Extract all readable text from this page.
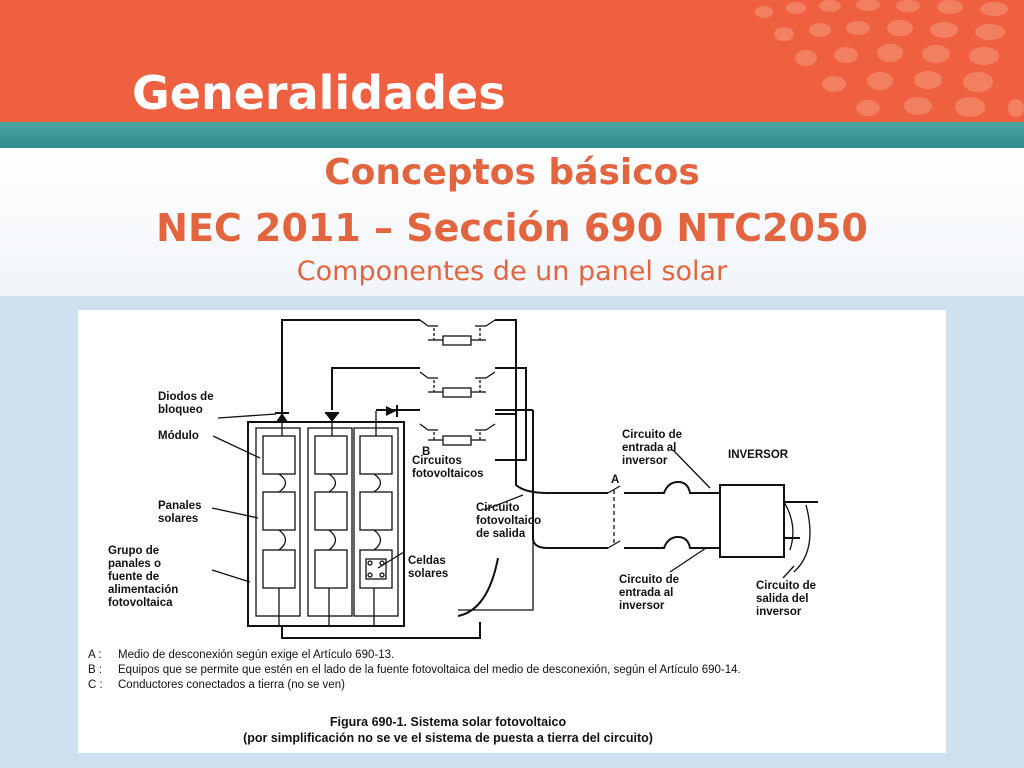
Generalidades
Conceptos básicos
NEC 2011 – Sección 690 NTC2050
Componentes de un panel solar
Diodos de bloqueo
Módulo
Panales solares
Grupo de panales o fuente de alimentación fotovoltaica
Celdas solares
Circuitos fotovoltaicos
B
Circuito fotovoltaico de salida
A
Circuito de entrada al inversor	INVERSOR
Circuito de entrada al inversor
Circuito de salida del inversor
A : Medio de desconexión según exige el Artículo 690-13.
B : Equipos que se permite que estén en el lado de la fuente fotovoltaica del medio de desconexión, según el Artículo 690-14.
C : Conductores conectados a tierra (no se ven)
Figura 690-1. Sistema solar fotovoltaico
(por simplificación no se ve el sistema de puesta a tierra del circuito)
